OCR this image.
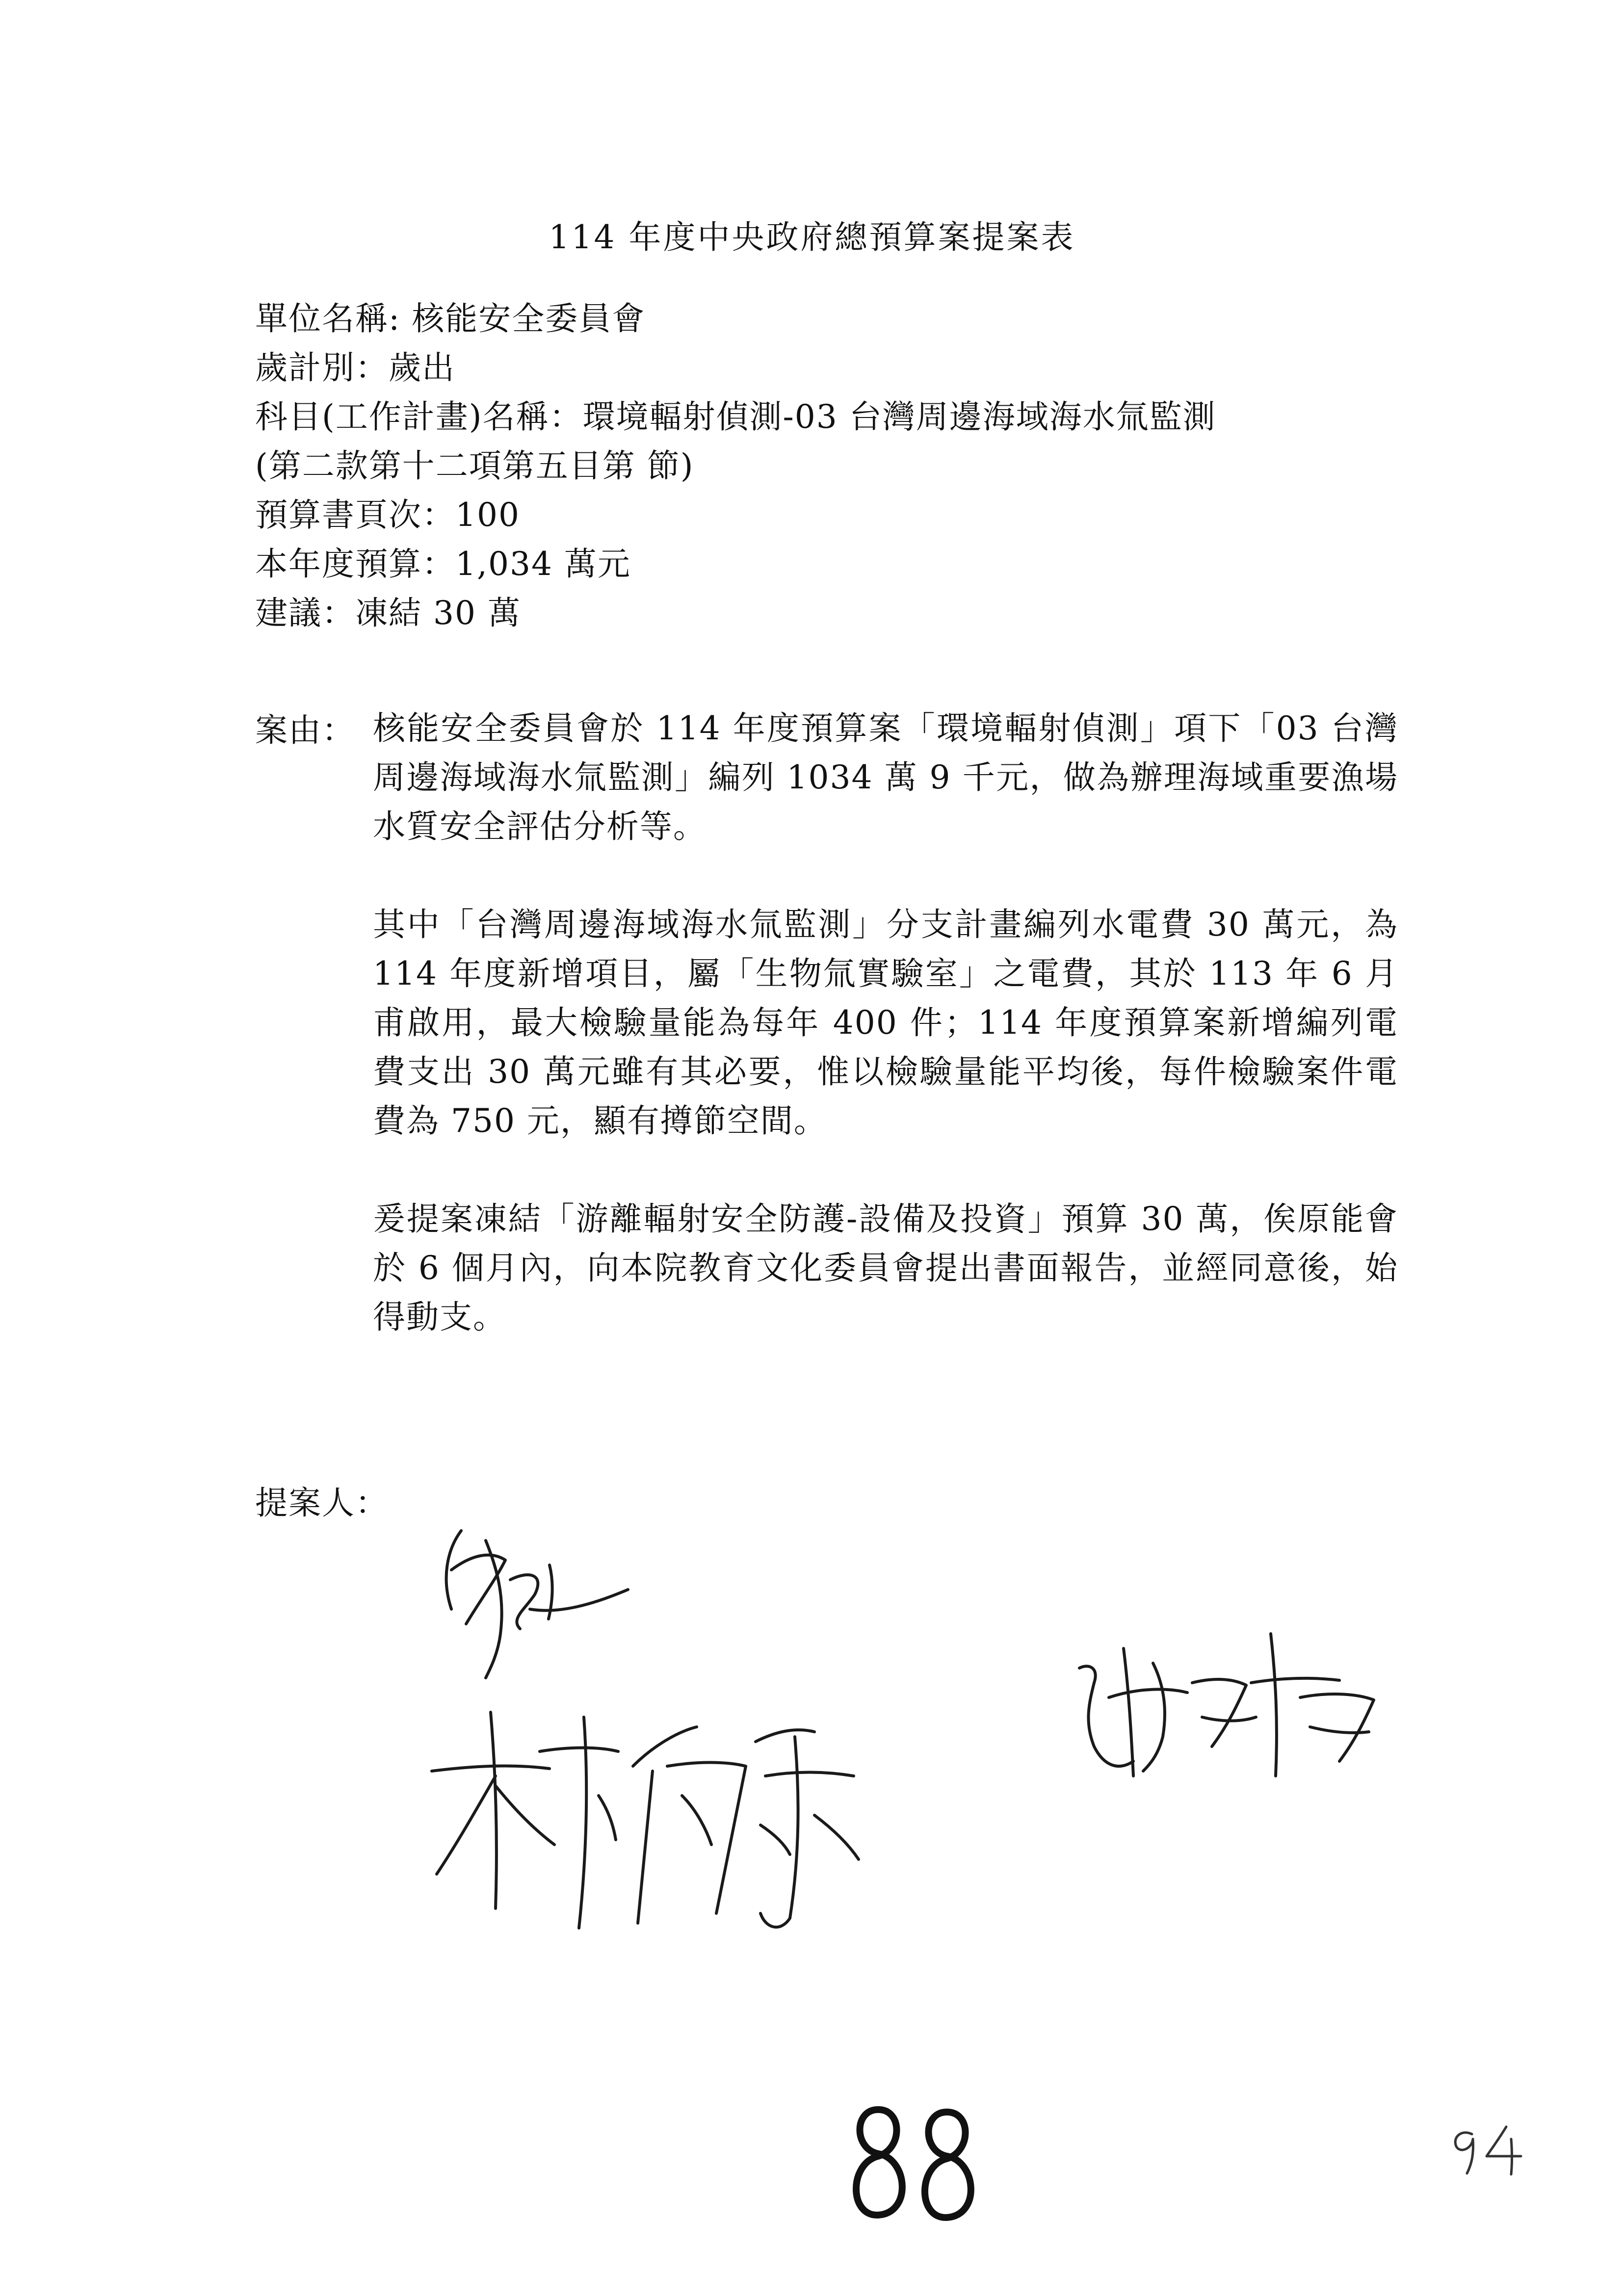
114 年度中央政府總預算案提案表
單位名稱: 核能安全委員會
歲計別：歲出
科目(工作計畫)名稱：環境輻射偵測-03 台灣周邊海域海水氚監測
(第二款第十二項第五目第 節)
預算書頁次：100
本年度預算：1,034 萬元
建議：凍結 30 萬
案由： 核能安全委員會於 114 年度預算案「環境輻射偵測」項下「03 台灣周邊海域海水氚監測」編列 1034 萬 9 千元，做為辦理海域重要漁場水質安全評估分析等。
其中「台灣周邊海域海水氚監測」分支計畫編列水電費 30 萬元，為 114 年度新增項目，屬「生物氚實驗室」之電費，其於 113 年 6 月甫啟用，最大檢驗量能為每年 400 件；114 年度預算案新增編列電費支出 30 萬元雖有其必要，惟以檢驗量能平均後，每件檢驗案件電費為 750 元，顯有撙節空間。
爰提案凍結「游離輻射安全防護-設備及投資」預算 30 萬，俟原能會於 6 個月內，向本院教育文化委員會提出書面報告，並經同意後，始得動支。
提案人：
